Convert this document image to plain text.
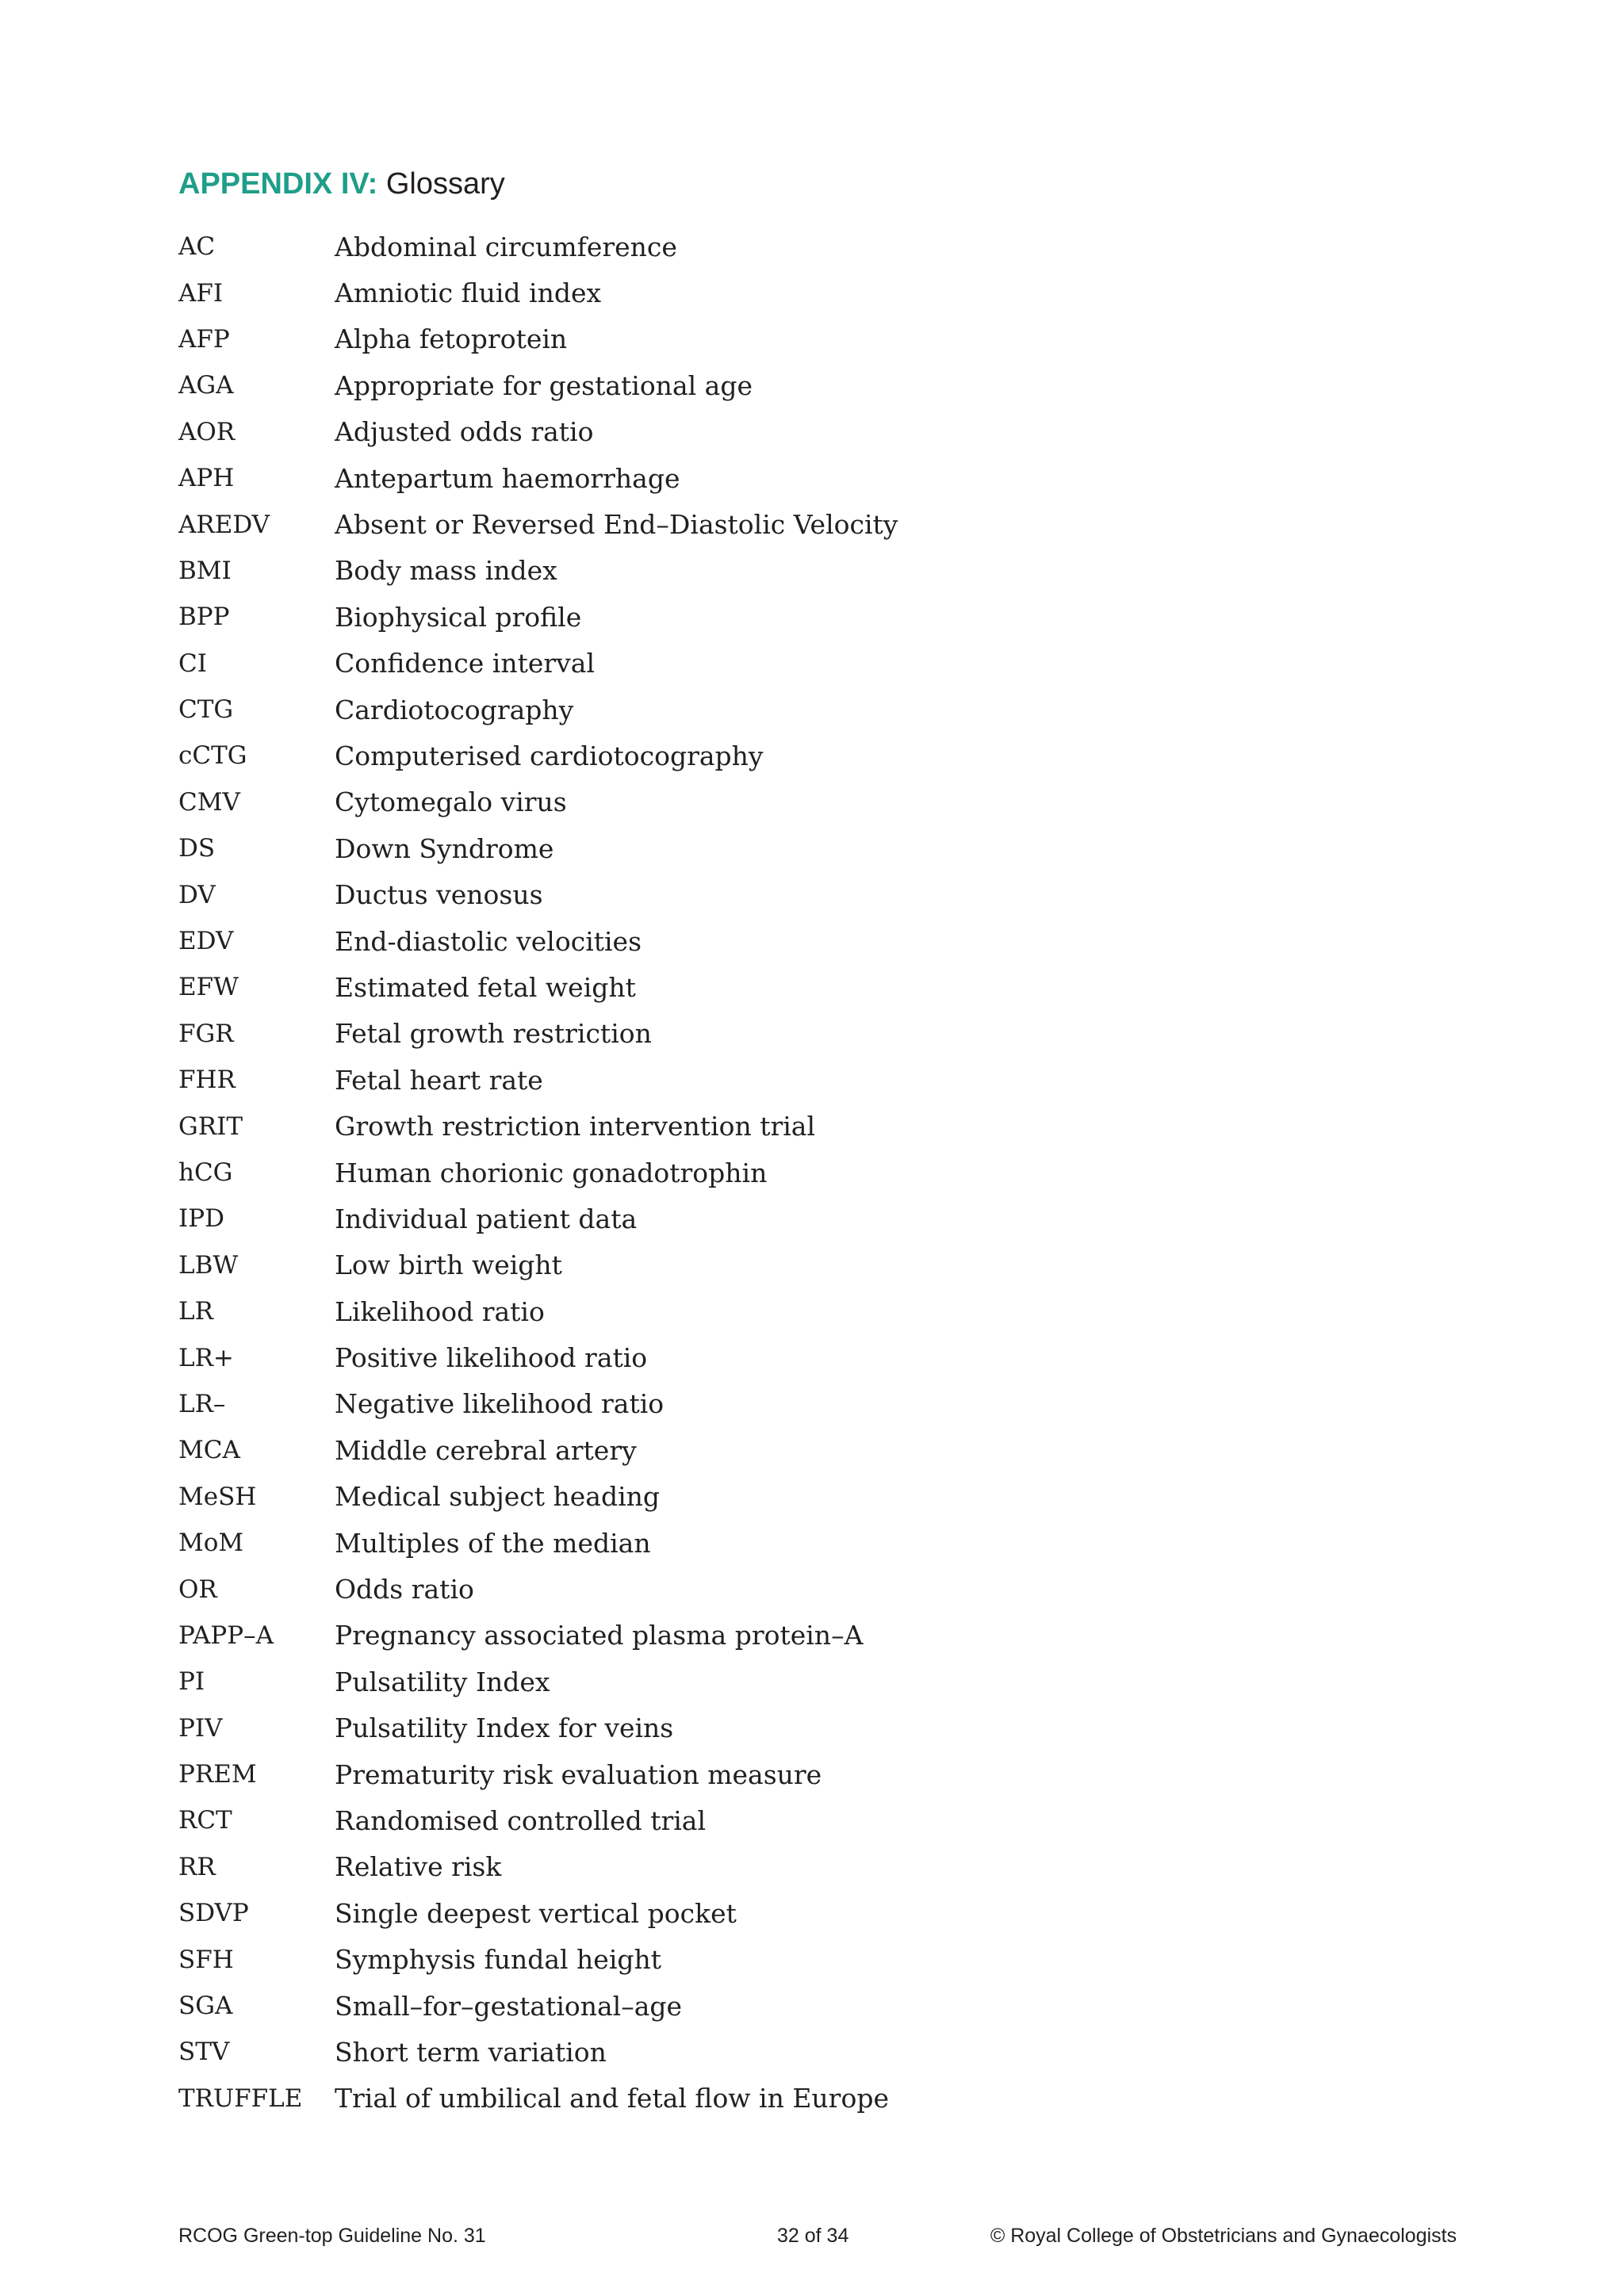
APPENDIX IV: Glossary
AC	Abdominal circumference
AFI	Amniotic fluid index
AFP	Alpha fetoprotein
AGA	Appropriate for gestational age
AOR	Adjusted odds ratio
APH	Antepartum haemorrhage
AREDV	Absent or Reversed End–Diastolic Velocity
BMI	Body mass index
BPP	Biophysical profile
CI	Confidence interval
CTG	Cardiotocography
cCTG	Computerised cardiotocography
CMV	Cytomegalo virus
DS	Down Syndrome
DV	Ductus venosus
EDV	End-diastolic velocities
EFW	Estimated fetal weight
FGR	Fetal growth restriction
FHR	Fetal heart rate
GRIT	Growth restriction intervention trial
hCG	Human chorionic gonadotrophin
IPD	Individual patient data
LBW	Low birth weight
LR	Likelihood ratio
LR+	Positive likelihood ratio
LR–	Negative likelihood ratio
MCA	Middle cerebral artery
MeSH	Medical subject heading
MoM	Multiples of the median
OR	Odds ratio
PAPP–A	Pregnancy associated plasma protein–A
PI	Pulsatility Index
PIV	Pulsatility Index for veins
PREM	Prematurity risk evaluation measure
RCT	Randomised controlled trial
RR	Relative risk
SDVP	Single deepest vertical pocket
SFH	Symphysis fundal height
SGA	Small–for–gestational–age
STV	Short term variation
TRUFFLE	Trial of umbilical and fetal flow in Europe
RCOG Green-top Guideline No. 31	32 of 34	© Royal College of Obstetricians and Gynaecologists
